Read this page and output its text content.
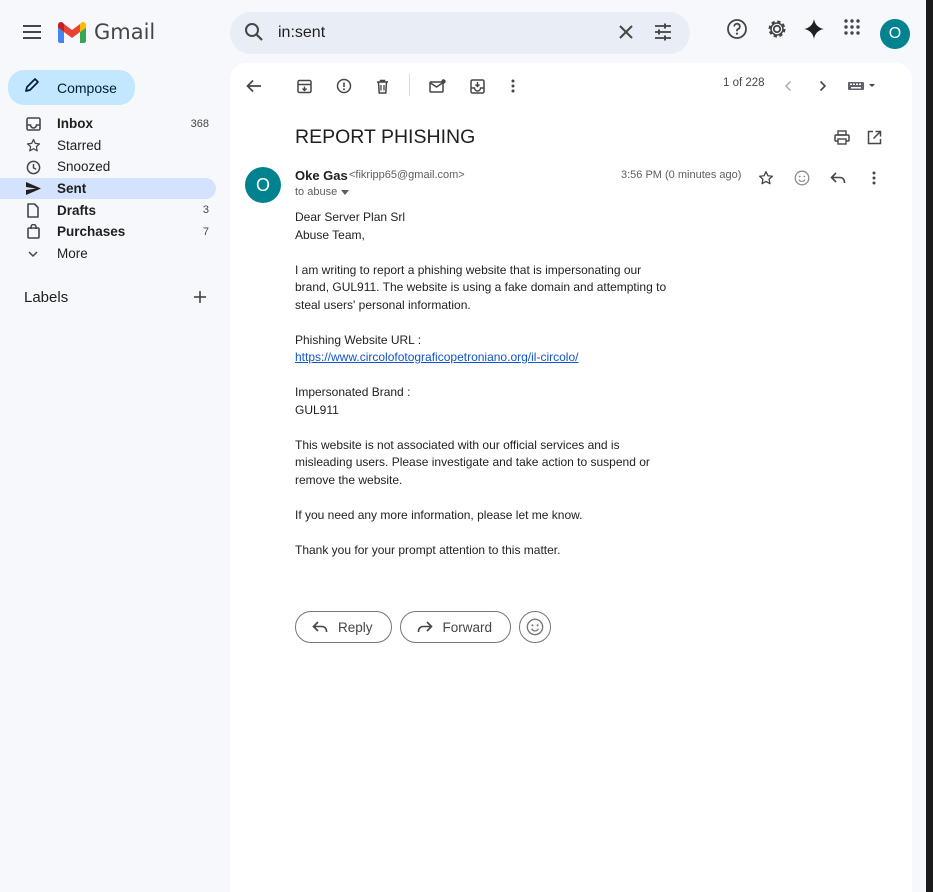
Gmail
in:sent	O
Compose
Inbox	368
Starred
Snoozed
Sent
Drafts	3
Purchases	7
More
Labels
1 of 228
REPORT PHISHING
O	Oke Gas <fikripp65@gmail.com>
to abuse
3:56 PM (0 minutes ago)

Dear Server Plan Srl
Abuse Team,

I am writing to report a phishing website that is impersonating our brand, GUL911. The website is using a fake domain and attempting to steal users' personal information.

Phishing Website URL :
https://www.circolofotograficopetroniano.org/il-circolo/

Impersonated Brand :
GUL911

This website is not associated with our official services and is misleading users. Please investigate and take action to suspend or remove the website.

If you need any more information, please let me know.

Thank you for your prompt attention to this matter.

Reply	Forward
